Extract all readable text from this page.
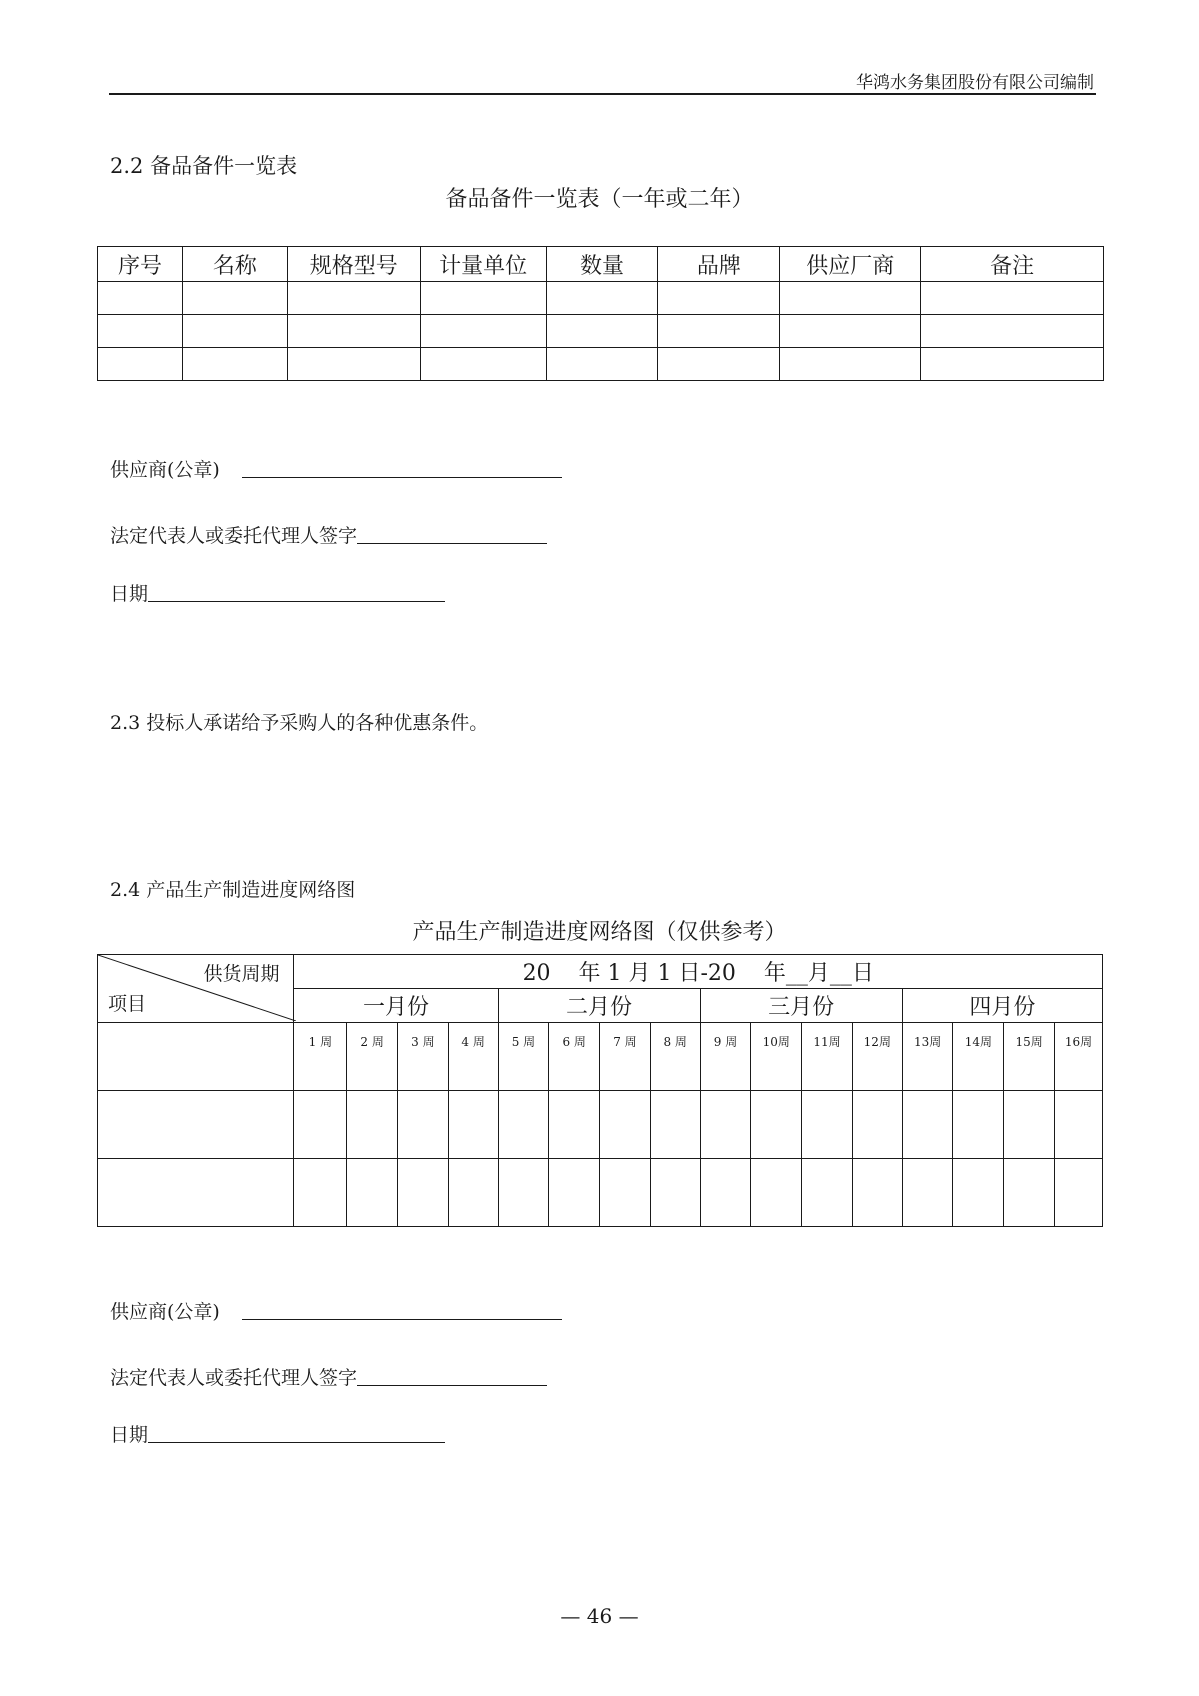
华鸿水务集团股份有限公司编制
2.2 备品备件一览表
备品备件一览表（一年或二年）
序号	名称	规格型号	计量单位	数量	品牌	供应厂商	备注

供应商(公章)
法定代表人或委托代理人签字
日期
2.3 投标人承诺给予采购人的各种优惠条件。
2.4 产品生产制造进度网络图
产品生产制造进度网络图（仅供参考）
供货周期
项目	20    年 1 月 1 日-20    年__月__日															
	一月份				二月份				三月份				四月份			
	1 周	2 周	3 周	4 周	5 周	6 周	7 周	8 周	9 周	10周	11周	12周	13周	14周	15周	16周

供应商(公章)
法定代表人或委托代理人签字
日期
— 46 —
